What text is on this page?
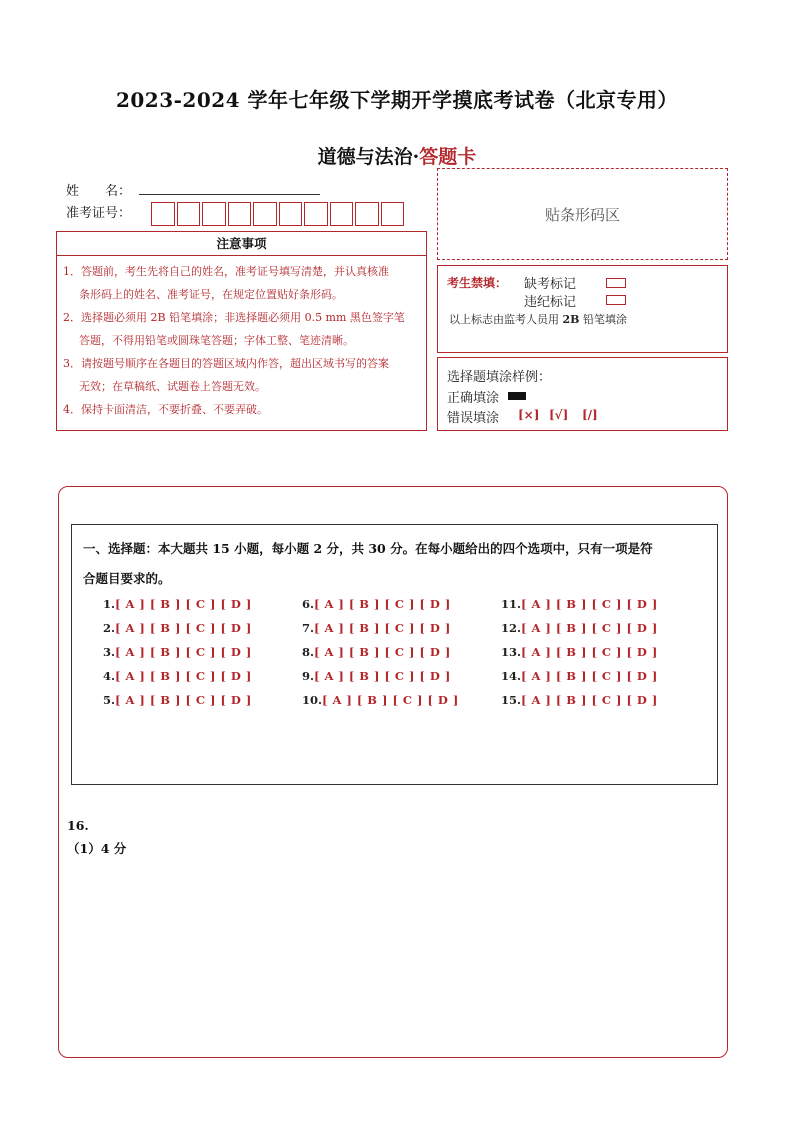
2023-2024 学年七年级下学期开学摸底考试卷（北京专用）
道德与法治·答题卡
姓　　名：
准考证号：	贴条形码区
注意事项
1．答题前，考生先将自己的姓名，准考证号填写清楚，并认真核准
条形码上的姓名、准考证号，在规定位置贴好条形码。
2．选择题必须用 2B 铅笔填涂；非选择题必须用 0.5 mm 黑色签字笔
答题，不得用铅笔或圆珠笔答题；字体工整、笔迹清晰。
3．请按题号顺序在各题目的答题区域内作答，超出区域书写的答案
无效；在草稿纸、试题卷上答题无效。
4．保持卡面清洁，不要折叠、不要弄破。
考生禁填： 缺考标记
违纪标记
以上标志由监考人员用 2B 铅笔填涂
选择题填涂样例：
正确填涂
错误填涂 [×] [√] [/]
一、选择题：本大题共 15 小题，每小题 2 分，共 30 分。在每小题给出的四个选项中，只有一项是符
合题目要求的。
1.[ A ] [ B ] [ C ] [ D ]
2.[ A ] [ B ] [ C ] [ D ]
3.[ A ] [ B ] [ C ] [ D ]
4.[ A ] [ B ] [ C ] [ D ]
5.[ A ] [ B ] [ C ] [ D ]
6.[ A ] [ B ] [ C ] [ D ]
7.[ A ] [ B ] [ C ] [ D ]
8.[ A ] [ B ] [ C ] [ D ]
9.[ A ] [ B ] [ C ] [ D ]
10.[ A ] [ B ] [ C ] [ D ]
11.[ A ] [ B ] [ C ] [ D ]
12.[ A ] [ B ] [ C ] [ D ]
13.[ A ] [ B ] [ C ] [ D ]
14.[ A ] [ B ] [ C ] [ D ]
15.[ A ] [ B ] [ C ] [ D ]
16.
（1）4 分
